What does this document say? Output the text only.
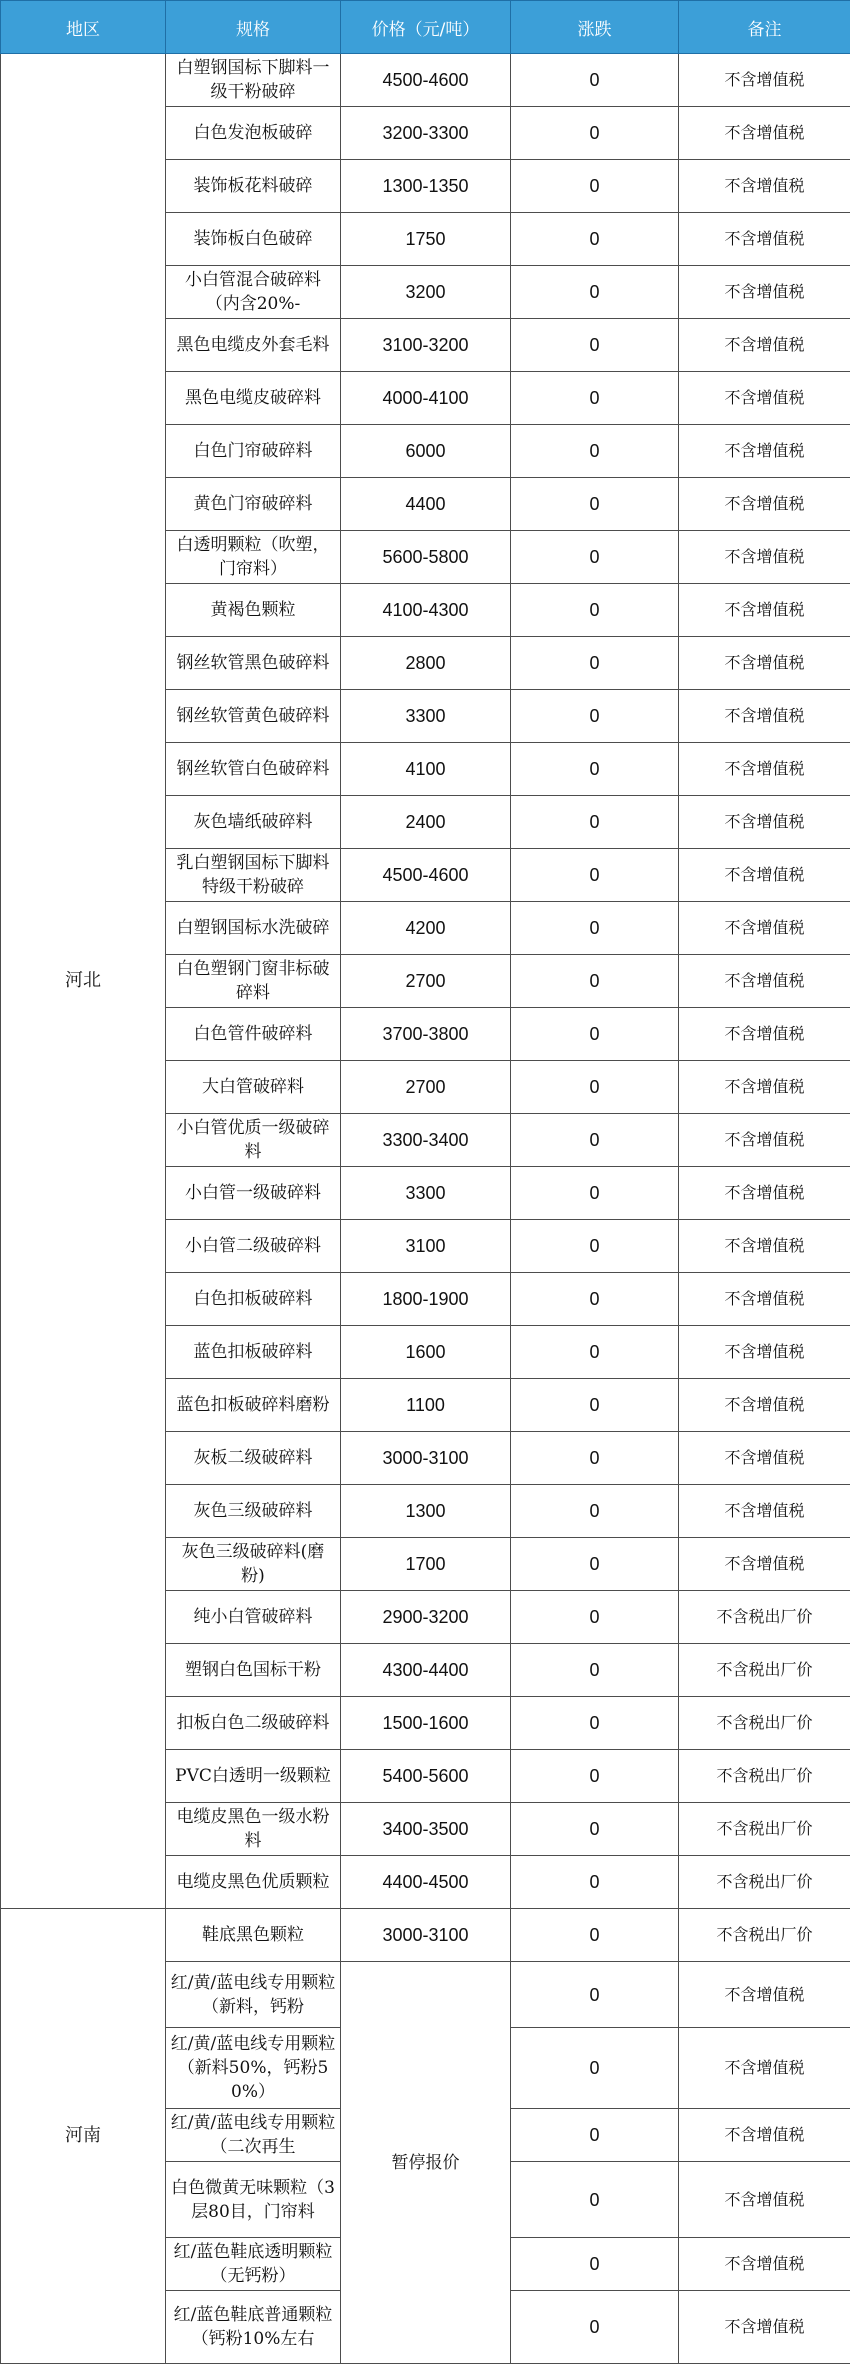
地区	规格	价格（元/吨）	涨跌	备注
河北	白塑钢国标下脚料一级干粉破碎	4500-4600	0	不含增值税
	白色发泡板破碎	3200-3300	0	不含增值税
	装饰板花料破碎	1300-1350	0	不含增值税
	装饰板白色破碎	1750	0	不含增值税
	小白管混合破碎料（内含20%-	3200	0	不含增值税
	黑色电缆皮外套毛料	3100-3200	0	不含增值税
	黑色电缆皮破碎料	4000-4100	0	不含增值税
	白色门帘破碎料	6000	0	不含增值税
	黄色门帘破碎料	4400	0	不含增值税
	白透明颗粒（吹塑，门帘料）	5600-5800	0	不含增值税
	黄褐色颗粒	4100-4300	0	不含增值税
	钢丝软管黑色破碎料	2800	0	不含增值税
	钢丝软管黄色破碎料	3300	0	不含增值税
	钢丝软管白色破碎料	4100	0	不含增值税
	灰色墙纸破碎料	2400	0	不含增值税
	乳白塑钢国标下脚料特级干粉破碎	4500-4600	0	不含增值税
	白塑钢国标水洗破碎	4200	0	不含增值税
	白色塑钢门窗非标破碎料	2700	0	不含增值税
	白色管件破碎料	3700-3800	0	不含增值税
	大白管破碎料	2700	0	不含增值税
	小白管优质一级破碎料	3300-3400	0	不含增值税
	小白管一级破碎料	3300	0	不含增值税
	小白管二级破碎料	3100	0	不含增值税
	白色扣板破碎料	1800-1900	0	不含增值税
	蓝色扣板破碎料	1600	0	不含增值税
	蓝色扣板破碎料磨粉	1100	0	不含增值税
	灰板二级破碎料	3000-3100	0	不含增值税
	灰色三级破碎料	1300	0	不含增值税
	灰色三级破碎料(磨粉)	1700	0	不含增值税
	纯小白管破碎料	2900-3200	0	不含税出厂价
	塑钢白色国标干粉	4300-4400	0	不含税出厂价
	扣板白色二级破碎料	1500-1600	0	不含税出厂价
	PVC白透明一级颗粒	5400-5600	0	不含税出厂价
	电缆皮黑色一级水粉料	3400-3500	0	不含税出厂价
	电缆皮黑色优质颗粒	4400-4500	0	不含税出厂价
河南	鞋底黑色颗粒	3000-3100	0	不含税出厂价
	红/黄/蓝电线专用颗粒（新料，钙粉	暂停报价	0	不含增值税
	红/黄/蓝电线专用颗粒（新料50%，钙粉50%）		0	不含增值税
	红/黄/蓝电线专用颗粒（二次再生		0	不含增值税
	白色微黄无味颗粒（3层80目，门帘料		0	不含增值税
	红/蓝色鞋底透明颗粒（无钙粉）		0	不含增值税
	红/蓝色鞋底普通颗粒（钙粉10%左右		0	不含增值税
